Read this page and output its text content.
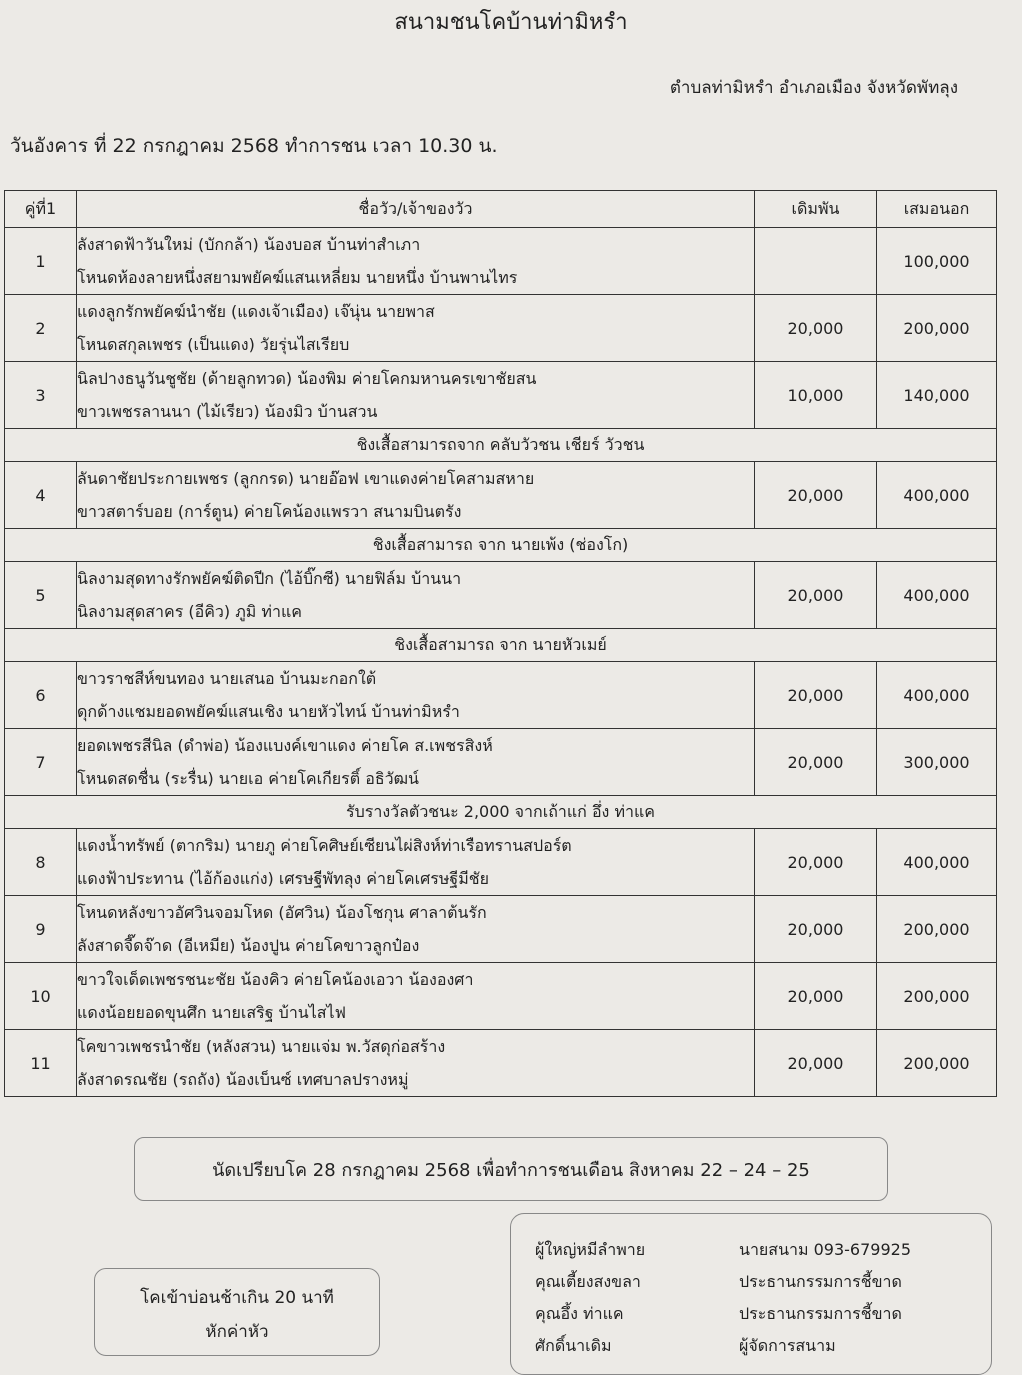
สนามชนโคบ้านท่ามิหรำ
ตำบลท่ามิหรำ อำเภอเมือง จังหวัดพัทลุง
วันอังคาร ที่ 22 กรกฎาคม 2568 ทำการชน เวลา 10.30 น.
คู่ที่1	ชื่อวัว/เจ้าของวัว	เดิมพัน	เสมอนอก
1	ลังสาดฟ้าวันใหม่ (บักกล้า) น้องบอส บ้านท่าสำเภา
โหนดห้องลายหนึ่งสยามพยัคฆ์แสนเหลี่ยม นายหนึ่ง บ้านพานไทร		100,000
2	แดงลูกรักพยัคฆ์นำชัย (แดงเจ้าเมือง) เจ๊นุ่น นายพาส
โหนดสกุลเพชร (เป็นแดง) วัยรุ่นไสเรียบ	20,000	200,000
3	นิลปางธนูวันชูชัย (ด้ายลูกทวด) น้องพิม ค่ายโคกมหานครเขาชัยสน
ขาวเพชรลานนา (ไม้เรียว) น้องมิว บ้านสวน	10,000	140,000
ชิงเสื้อสามารถจาก คลับวัวชน เชียร์ วัวชน			
4	ลันดาชัยประกายเพชร (ลูกกรด) นายอ๊อฟ เขาแดงค่ายโคสามสหาย
ขาวสตาร์บอย (การ์ตูน) ค่ายโคน้องแพรวา สนามบินตรัง	20,000	400,000
ชิงเสื้อสามารถ จาก นายเพ้ง (ช่องโก)			
5	นิลงามสุดทางรักพยัคฆ์ติดปีก (ไอ้บิ๊กซี) นายฟิล์ม บ้านนา
นิลงามสุดสาคร (อีคิว) ภูมิ ท่าแค	20,000	400,000
ชิงเสื้อสามารถ จาก นายหัวเมย์			
6	ขาวราชสีห์ขนทอง นายเสนอ บ้านมะกอกใต้
ดุกด้างแชมยอดพยัคฆ์แสนเชิง นายหัวไทน์ บ้านท่ามิหรำ	20,000	400,000
7	ยอดเพชรสีนิล (ดำพ่อ) น้องแบงค์เขาแดง ค่ายโค ส.เพชรสิงห์
โหนดสดชื่น (ระรื่น) นายเอ ค่ายโคเกียรติ์ อธิวัฒน์	20,000	300,000
รับรางวัลตัวชนะ 2,000 จากเถ้าแก่ อึ่ง ท่าแค			
8	แดงน้ำทรัพย์ (ตากริม) นายภู ค่ายโคศิษย์เซียนไผ่สิงห์ท่าเรือทรานสปอร์ต
แดงฟ้าประทาน (ไอ้ก้องแก่ง) เศรษฐีพัทลุง ค่ายโคเศรษฐีมีชัย	20,000	400,000
9	โหนดหลังขาวอัศวินจอมโหด (อัศวิน) น้องโชกุน ศาลาต้นรัก
ลังสาดจี๊ดจ๊าด (อีเหมีย) น้องปูน ค่ายโคขาวลูกป๋อง	20,000	200,000
10	ขาวใจเด็ดเพชรชนะชัย น้องคิว ค่ายโคน้องเอวา น้ององศา
แดงน้อยยอดขุนศึก นายเสริฐ บ้านไสไฟ	20,000	200,000
11	โคขาวเพชรนำชัย (หลังสวน) นายแจ่ม พ.วัสดุก่อสร้าง
ลังสาดรณชัย (รถถัง) น้องเบ็นซ์ เทศบาลปรางหมู่	20,000	200,000
นัดเปรียบโค 28 กรกฎาคม 2568 เพื่อทำการชนเดือน สิงหาคม 22 – 24 – 25
โคเข้าบ่อนช้าเกิน 20 นาที
หักค่าหัว
ผู้ใหญ่หมีลำพาย	นายสนาม 093-679925
คุณเตี้ยงสงขลา	ประธานกรรมการชี้ขาด
คุณอึ้ง ท่าแค	ประธานกรรมการชี้ขาด
ศักดิ์นาเดิม	ผู้จัดการสนาม
